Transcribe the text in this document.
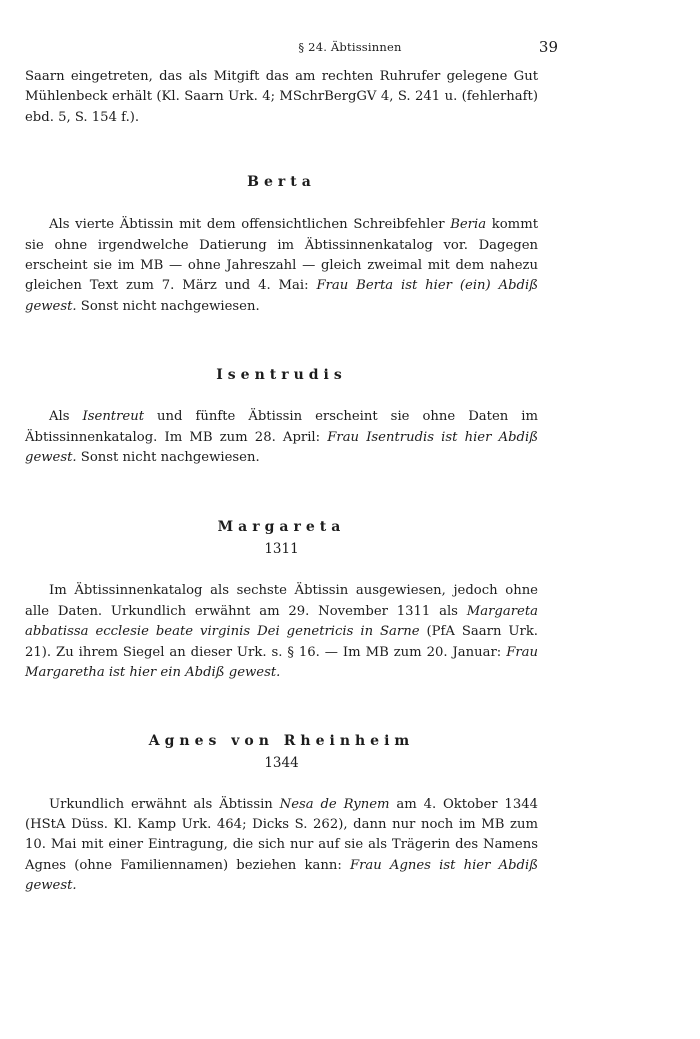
§ 24. Äbtissinnen	39

Saarn eingetreten, das als Mitgift das am rechten Ruhrufer gelegene Gut Mühlenbeck erhält (Kl. Saarn Urk. 4; MSchrBergGV 4, S. 241 u. (fehlerhaft) ebd. 5, S. 154 f.).

Berta

Als vierte Äbtissin mit dem offensichtlichen Schreibfehler Beria kommt sie ohne irgendwelche Datierung im Äbtissinnenkatalog vor. Dagegen erscheint sie im MB — ohne Jahreszahl — gleich zweimal mit dem nahezu gleichen Text zum 7. März und 4. Mai: Frau Berta ist hier (ein) Abdiß gewest. Sonst nicht nachgewiesen.

Isentrudis

Als Isentreut und fünfte Äbtissin erscheint sie ohne Daten im Äbtissinnenkatalog. Im MB zum 28. April: Frau Isentrudis ist hier Abdiß gewest. Sonst nicht nachgewiesen.

Margareta
1311

Im Äbtissinnenkatalog als sechste Äbtissin ausgewiesen, jedoch ohne alle Daten. Urkundlich erwähnt am 29. November 1311 als Margareta abbatissa ecclesie beate virginis Dei genetricis in Sarne (PfA Saarn Urk. 21). Zu ihrem Siegel an dieser Urk. s. § 16. — Im MB zum 20. Januar: Frau Margaretha ist hier ein Abdiß gewest.

Agnes von Rheinheim
1344

Urkundlich erwähnt als Äbtissin Nesa de Rynem am 4. Oktober 1344 (HStA Düss. Kl. Kamp Urk. 464; Dicks S. 262), dann nur noch im MB zum 10. Mai mit einer Eintragung, die sich nur auf sie als Trägerin des Namens Agnes (ohne Familiennamen) beziehen kann: Frau Agnes ist hier Abdiß gewest.
